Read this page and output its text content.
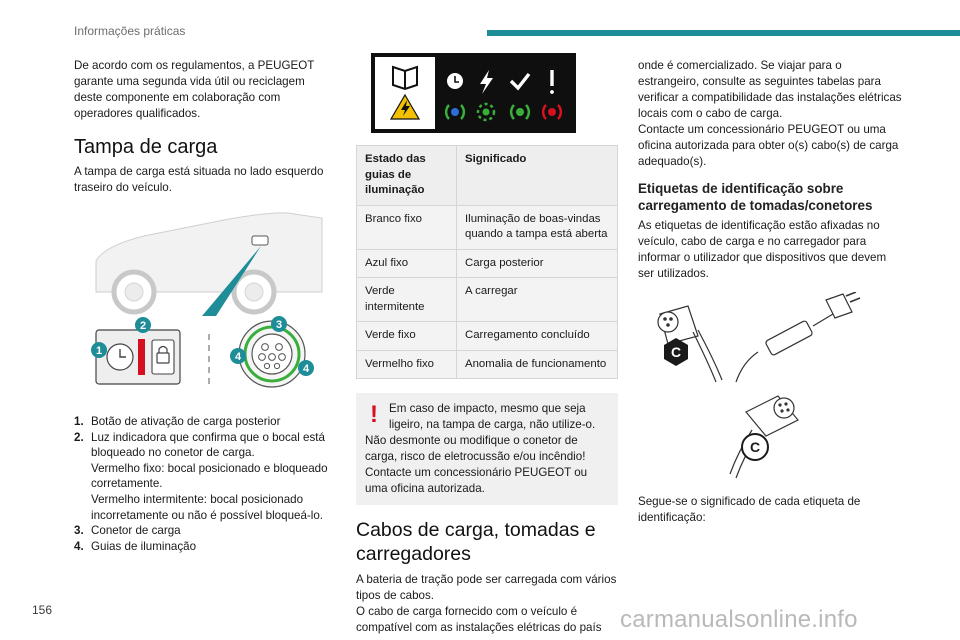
Informações práticas

De acordo com os regulamentos, a PEUGEOT garante uma segunda vida útil ou reciclagem deste componente em colaboração com operadores qualificados.

Tampa de carga

A tampa de carga está situada no lado esquerdo traseiro do veículo.

1
2	3
4
4
1. Botão de ativação de carga posterior
2. Luz indicadora que confirma que o bocal está bloqueado no conetor de carga.
Vermelho fixo: bocal posicionado e bloqueado corretamente.
Vermelho intermitente: bocal posicionado incorretamente ou não é possível bloqueá-lo.
3. Conetor de carga
4. Guias de iluminação
Estado das guias de iluminação	Significado
Branco fixo	Iluminação de boas-vindas quando a tampa está aberta
Azul fixo	Carga posterior
Verde intermitente	A carregar
Verde fixo	Carregamento concluído
Vermelho fixo	Anomalia de funcionamento
! Em caso de impacto, mesmo que seja ligeiro, na tampa de carga, não utilize-o.

Não desmonte ou modifique o conetor de carga, risco de eletrocussão e/ou incêndio!

Contacte um concessionário PEUGEOT ou uma oficina autorizada.

Cabos de carga, tomadas e carregadores

A bateria de tração pode ser carregada com vários tipos de cabos.

O cabo de carga fornecido com o veículo é compatível com as instalações elétricas do país

onde é comercializado. Se viajar para o estrangeiro, consulte as seguintes tabelas para verificar a compatibilidade das instalações elétricas locais com o cabo de carga.

Contacte um concessionário PEUGEOT ou uma oficina autorizada para obter o(s) cabo(s) de carga adequado(s).

Etiquetas de identificação sobre carregamento de tomadas/conetores

As etiquetas de identificação estão afixadas no veículo, cabo de carga e no carregador para informar o utilizador que dispositivos que devem ser utilizados.

C
C

Segue-se o significado de cada etiqueta de identificação:

156	carmanualsonline.info
